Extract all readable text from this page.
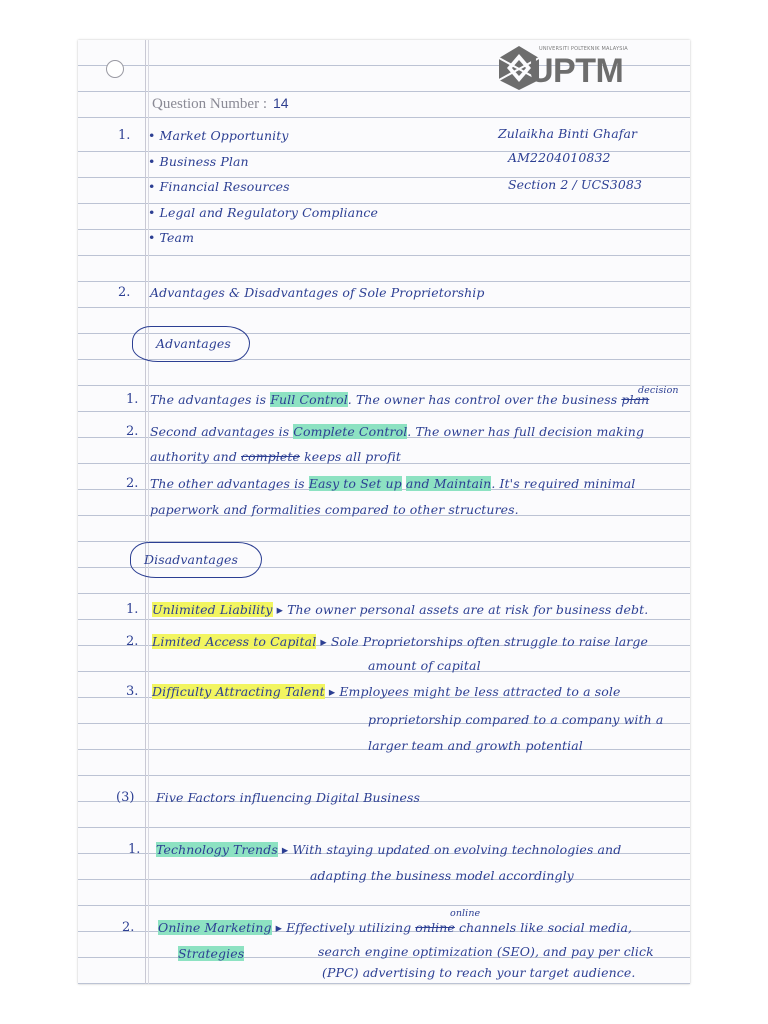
UNIVERSITI POLTEKNIK MALAYSIA
UPTM
Question Number : 14
Zulaikha Binti Ghafar
AM2204010832
Section 2 / UCS3083
1. • Market Opportunity
• Business Plan
• Financial Resources
• Legal and Regulatory Compliance
• Team
2. Advantages & Disadvantages of Sole Proprietorship
Advantages
decision
1. The advantages is Full Control. The owner has control over the business plan
2. Second advantages is Complete Control. The owner has full decision making
authority and complete keeps all profit
2. The other advantages is Easy to Set up and Maintain. It's required minimal
paperwork and formalities compared to other structures.
Disadvantages
1. Unlimited Liability ▸ The owner personal assets are at risk for business debt.
2. Limited Access to Capital ▸ Sole Proprietorships often struggle to raise large
amount of capital
3. Difficulty Attracting Talent ▸ Employees might be less attracted to a sole
proprietorship compared to a company with a
larger team and growth potential
(3) Five Factors influencing Digital Business
1. Technology Trends ▸ With staying updated on evolving technologies and
adapting the business model accordingly
online
2. Online Marketing ▸ Effectively utilizing online channels like social media,
Strategies	search engine optimization (SEO), and pay per click
(PPC) advertising to reach your target audience.
